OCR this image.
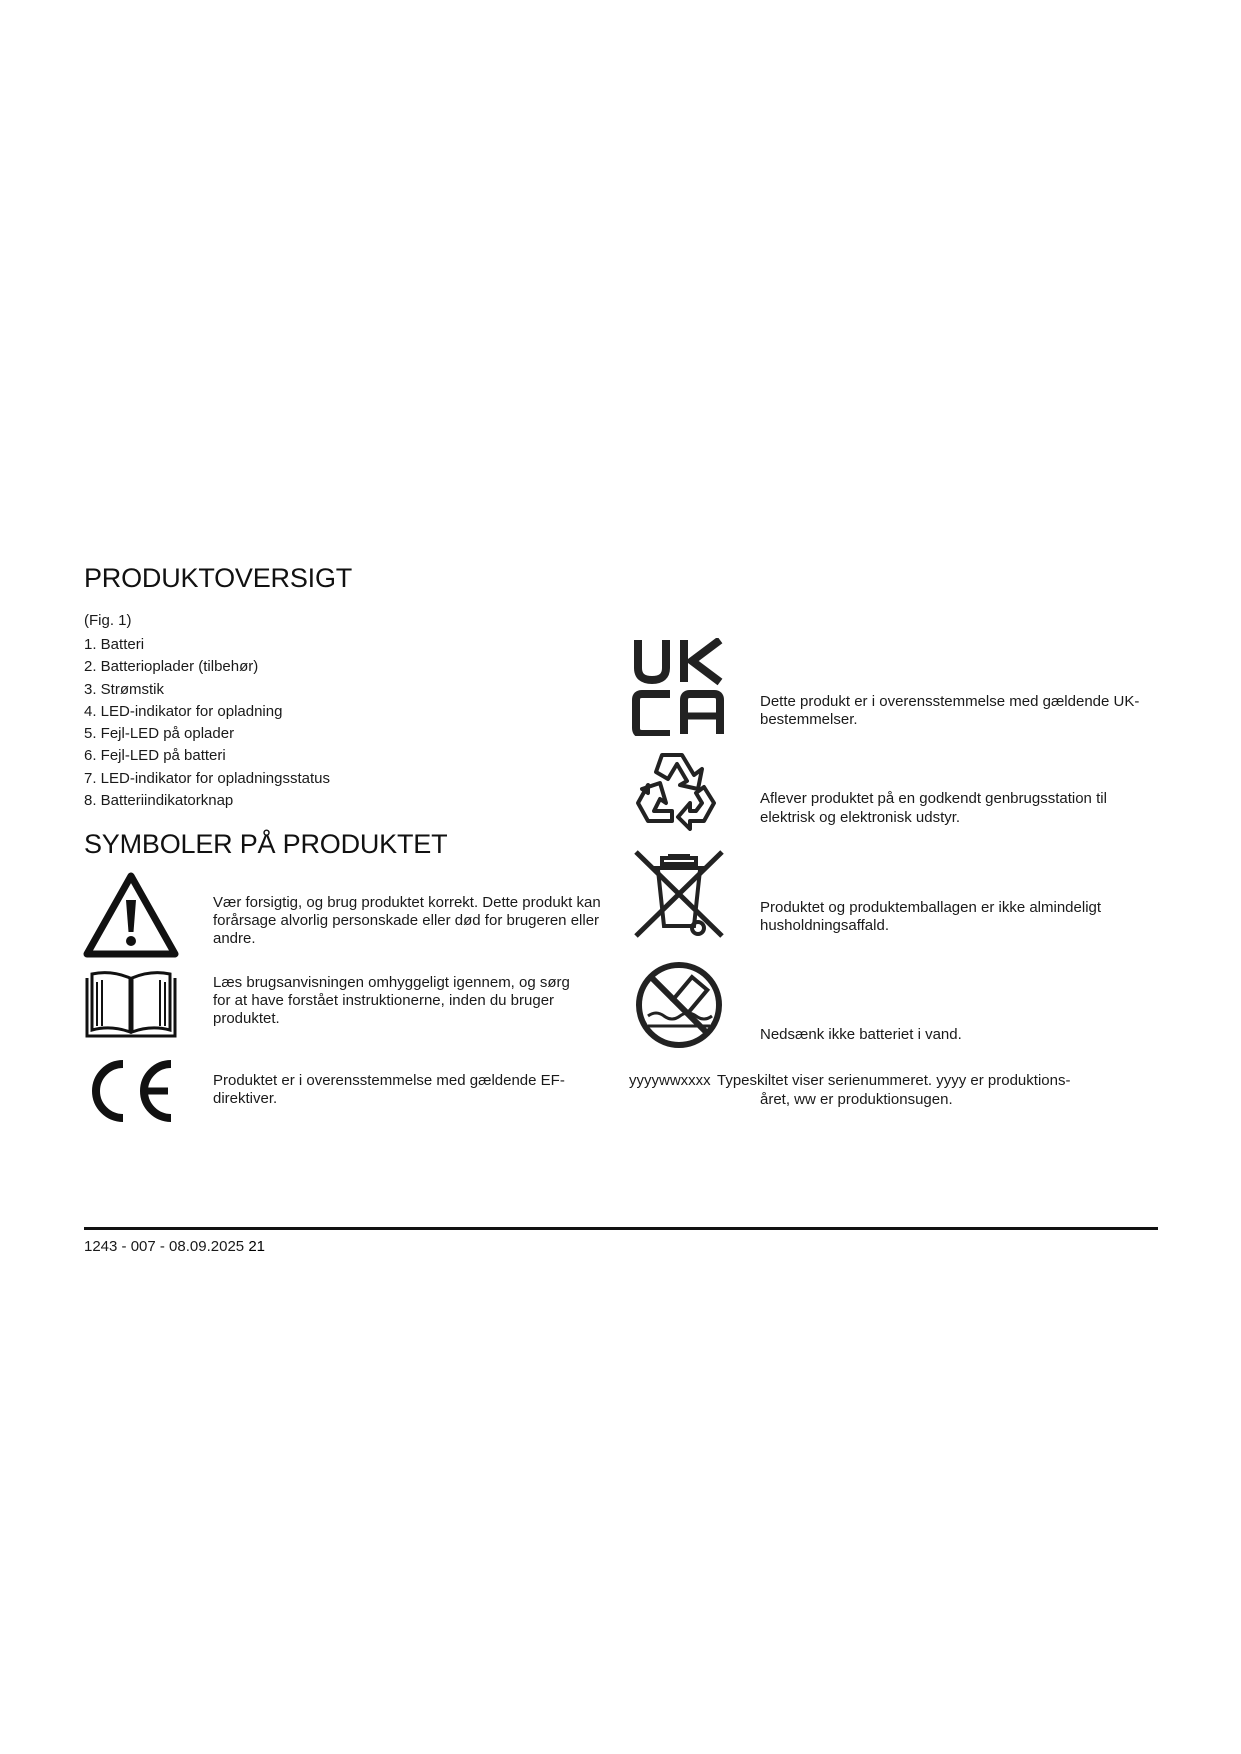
PRODUKTOVERSIGT
(Fig. 1)
1. Batteri
2. Batterioplader (tilbehør)
3. Strømstik
4. LED-indikator for opladning
5. Fejl-LED på oplader
6. Fejl-LED på batteri
7. LED-indikator for opladningsstatus
8. Batteriindikatorknap
SYMBOLER PÅ PRODUKTET
Vær forsigtig, og brug produktet korrekt. Dette produkt kan forårsage alvorlig personskade eller død for brugeren eller andre.
Læs brugsanvisningen omhyggeligt igennem, og sørg for at have forstået instruktionerne, inden du bruger produktet.
Produktet er i overensstemmelse med gældende EF-direktiver.
Dette produkt er i overensstemmelse med gældende UK-bestemmelser.
Aflever produktet på en godkendt genbrugsstation til elektrisk og elektronisk udstyr.
Produktet og produktemballagen er ikke almindeligt husholdningsaffald.
Nedsænk ikke batteriet i vand.
yyyywwxxxx Typeskiltet viser serienummeret. yyyy er produktions-
året, ww er produktionsugen.
1243 - 007 - 08.09.2025 21
